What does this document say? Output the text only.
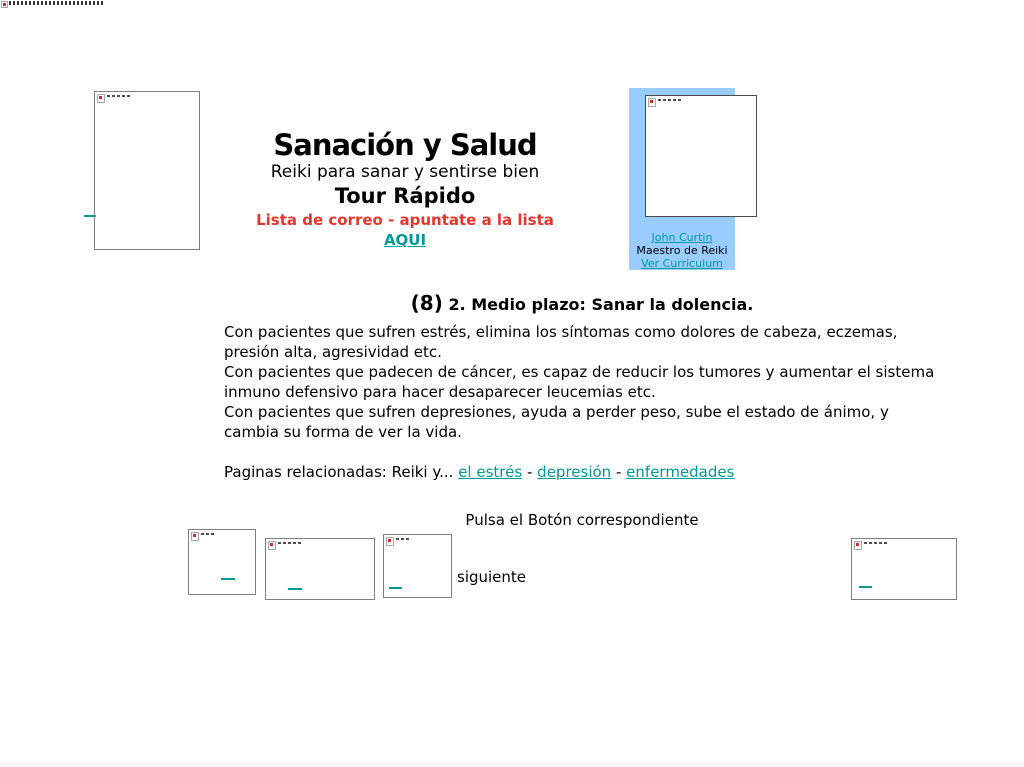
Sanación y Salud
Reiki para sanar y sentirse bien
Tour Rápido
Lista de correo - apuntate a la lista AQUI	John Curtin
Maestro de Reiki
Ver Curriculum
(8) 2. Medio plazo: Sanar la dolencia.
Con pacientes que sufren estrés, elimina los síntomas como dolores de cabeza, eczemas, presión alta, agresividad etc.
Con pacientes que padecen de cáncer, es capaz de reducir los tumores y aumentar el sistema inmuno defensivo para hacer desaparecer leucemias etc.
Con pacientes que sufren depresiones, ayuda a perder peso, sube el estado de ánimo, y cambia su forma de ver la vida.
Paginas relacionadas: Reiki y... el estrés - depresión - enfermedades
Pulsa el Botón correspondiente
siguiente
